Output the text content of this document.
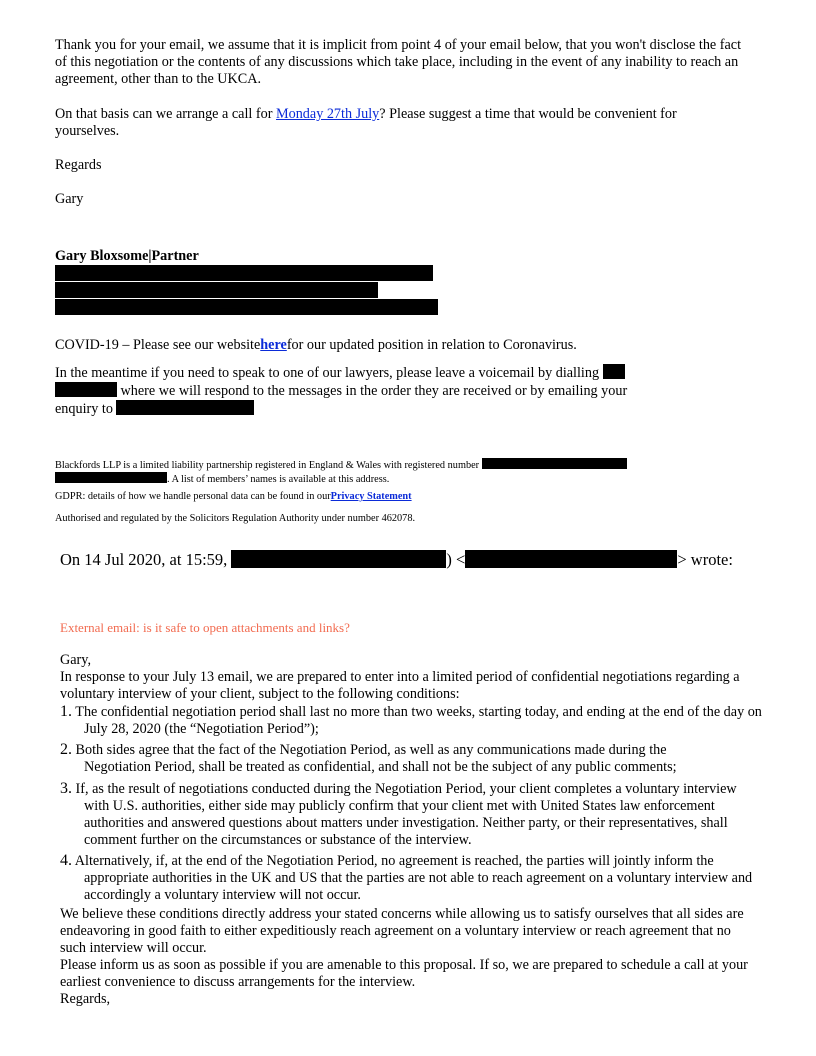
Thank you for your email, we assume that it is implicit from point 4 of your email below, that you won't disclose the fact of this negotiation or the contents of any discussions which take place, including in the event of any inability to reach an agreement, other than to the UKCA.
On that basis can we arrange a call for Monday 27th July? Please suggest a time that would be convenient for yourselves.
Regards
Gary
Gary Bloxsome|Partner
COVID-19 – Please see our websiteherefor our updated position in relation to Coronavirus.
In the meantime if you need to speak to one of our lawyers, please leave a voicemail by dialling
where we will respond to the messages in the order they are received or by emailing your
enquiry to
Blackfords LLP is a limited liability partnership registered in England & Wales with registered number
. A list of members’ names is available at this address.
GDPR: details of how we handle personal data can be found in ourPrivacy Statement
Authorised and regulated by the Solicitors Regulation Authority under number 462078.
On 14 Jul 2020, at 15:59,	) <	> wrote:
External email: is it safe to open attachments and links?
Gary,
In response to your July 13 email, we are prepared to enter into a limited period of confidential negotiations regarding a voluntary interview of your client, subject to the following conditions:
1. The confidential negotiation period shall last no more than two weeks, starting today, and ending at the end of the day on July 28, 2020 (the “Negotiation Period”);
2. Both sides agree that the fact of the Negotiation Period, as well as any communications made during the Negotiation Period, shall be treated as confidential, and shall not be the subject of any public comments;
3. If, as the result of negotiations conducted during the Negotiation Period, your client completes a voluntary interview with U.S. authorities, either side may publicly confirm that your client met with United States law enforcement authorities and answered questions about matters under investigation. Neither party, or their representatives, shall comment further on the circumstances or substance of the interview.
4. Alternatively, if, at the end of the Negotiation Period, no agreement is reached, the parties will jointly inform the appropriate authorities in the UK and US that the parties are not able to reach agreement on a voluntary interview and accordingly a voluntary interview will not occur.
We believe these conditions directly address your stated concerns while allowing us to satisfy ourselves that all sides are endeavoring in good faith to either expeditiously reach agreement on a voluntary interview or reach agreement that no such interview will occur.
Please inform us as soon as possible if you are amenable to this proposal. If so, we are prepared to schedule a call at your earliest convenience to discuss arrangements for the interview.
Regards,
